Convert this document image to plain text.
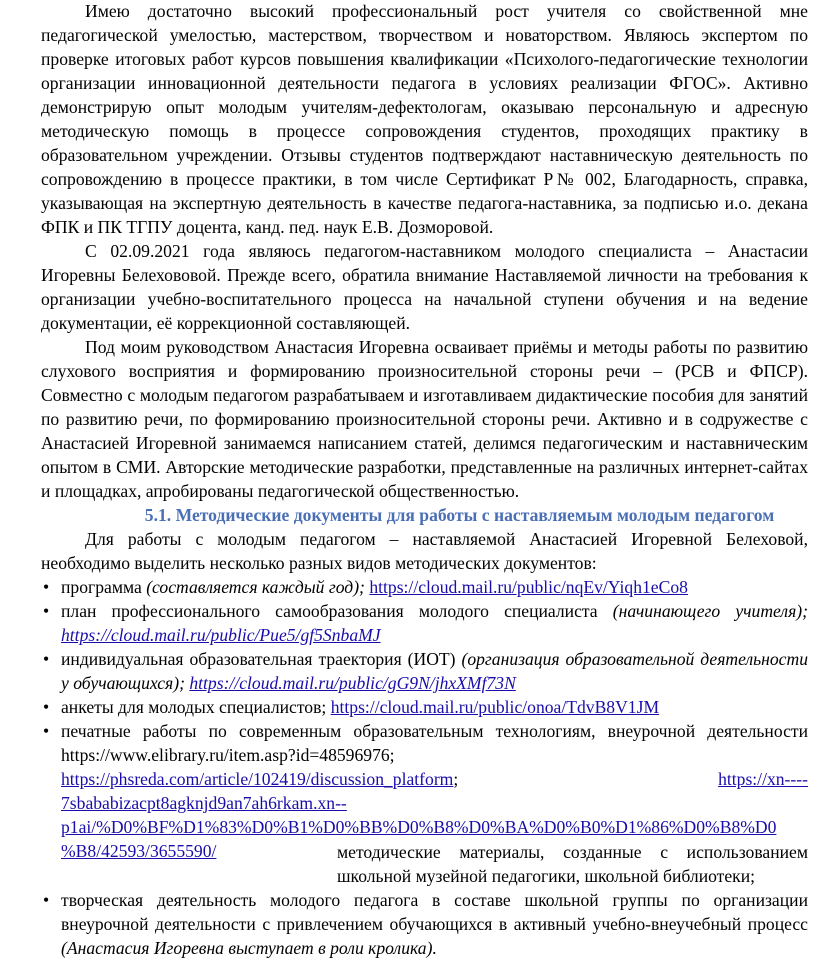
Имею достаточно высокий профессиональный рост учителя со свойственной мне педагогической умелостью, мастерством, творчеством и новаторством. Являюсь экспертом по проверке итоговых работ курсов повышения квалификации «Психолого-педагогические технологии организации инновационной деятельности педагога в условиях реализации ФГОС». Активно демонстрирую опыт молодым учителям-дефектологам, оказываю персональную и адресную методическую помощь в процессе сопровождения студентов, проходящих практику в образовательном учреждении. Отзывы студентов подтверждают наставническую деятельность по сопровождению в процессе практики, в том числе Сертификат Р№ 002, Благодарность, справка, указывающая на экспертную деятельность в качестве педагога-наставника, за подписью и.о. декана ФПК и ПК ТГПУ доцента, канд. пед. наук Е.В. Дозморовой.

С 02.09.2021 года являюсь педагогом-наставником молодого специалиста – Анастасии Игоревны Белехововой. Прежде всего, обратила внимание Наставляемой личности на требования к организации учебно-воспитательного процесса на начальной ступени обучения и на ведение документации, её коррекционной составляющей.

Под моим руководством Анастасия Игоревна осваивает приёмы и методы работы по развитию слухового восприятия и формированию произносительной стороны речи – (РСВ и ФПСР). Совместно с молодым педагогом разрабатываем и изготавливаем дидактические пособия для занятий по развитию речи, по формированию произносительной стороны речи. Активно и в содружестве с Анастасией Игоревной занимаемся написанием статей, делимся педагогическим и наставническим опытом в СМИ. Авторские методические разработки, представленные на различных интернет-сайтах и площадках, апробированы педагогической общественностью.

5.1. Методические документы для работы с наставляемым молодым педагогом

Для работы с молодым педагогом – наставляемой Анастасией Игоревной Белеховой, необходимо выделить несколько разных видов методических документов:

• программа (составляется каждый год); https://cloud.mail.ru/public/nqEv/Yiqh1eCo8
• план профессионального самообразования молодого специалиста (начинающего учителя); https://cloud.mail.ru/public/Pue5/gf5SnbaMJ
• индивидуальная образовательная траектория (ИОТ) (организация образовательной деятельности у обучающихся); https://cloud.mail.ru/public/gG9N/jhxXMf73N
• анкеты для молодых специалистов; https://cloud.mail.ru/public/onoa/TdvB8V1JM
• печатные работы по современным образовательным технологиям, внеурочной деятельности https://www.elibrary.ru/item.asp?id=48596976;
https://phsreda.com/article/102419/discussion_platform;	https://xn----
7sbababizacpt8agknjd9an7ah6rkam.xn--
p1ai/%D0%BF%D1%83%D0%B1%D0%BB%D0%B8%D0%BA%D0%B0%D1%86%D0%B8%D0
%B8/42593/3655590/	методические материалы, созданные с использованием школьной музейной педагогики, школьной библиотеки;

• творческая деятельность молодого педагога в составе школьной группы по организации внеурочной деятельности с привлечением обучающихся в активный учебно-внеучебный процесс (Анастасия Игоревна выступает в роли кролика).
